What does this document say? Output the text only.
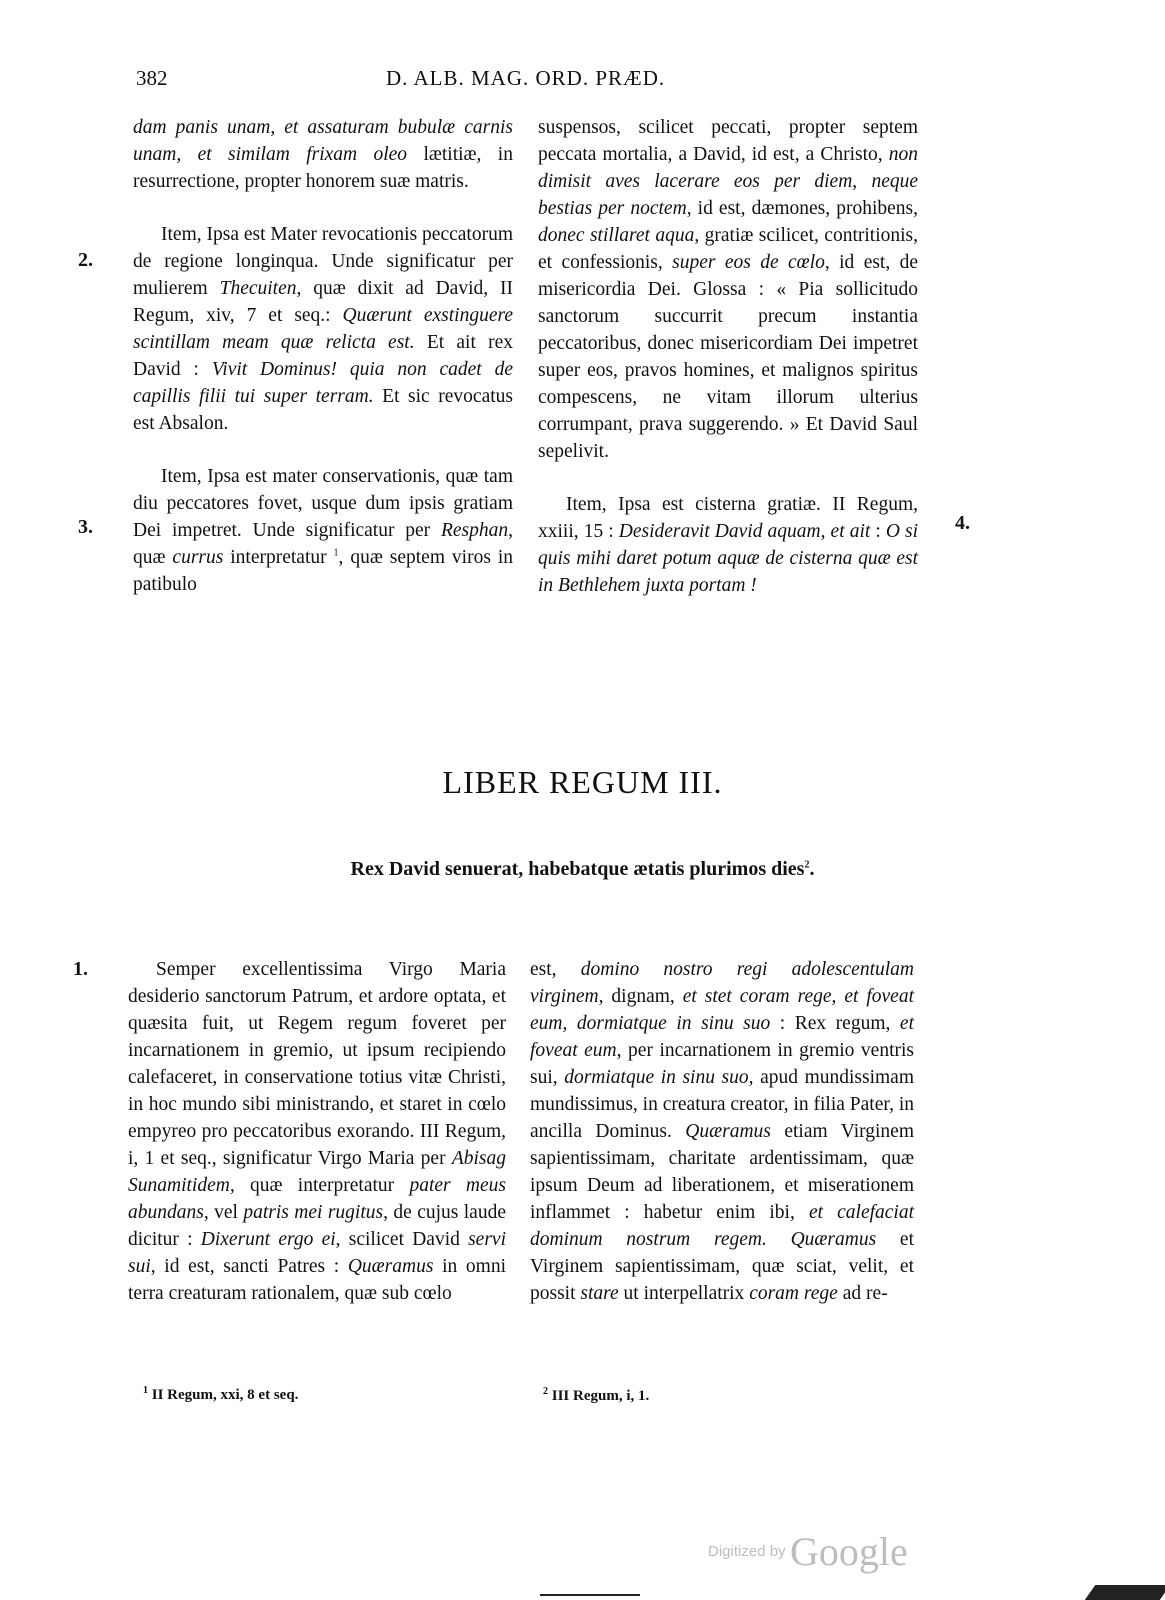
382	D. ALB. MAG. ORD. PRÆD.

dam panis unam, et assaturam bubulæ carnis unam, et similam frixam oleo lætitiæ, in resurrectione, propter honorem suæ matris.

Item, Ipsa est Mater revocationis peccatorum de regione longinqua. Unde significatur per mulierem Thecuiten, quæ dixit ad David, II Regum, xiv, 7 et seq.: Quærunt exstinguere scintillam meam quæ relicta est. Et ait rex David : Vivit Dominus! quia non cadet de capillis filii tui super terram. Et sic revocatus est Absalon.

Item, Ipsa est mater conservationis, quæ tam diu peccatores fovet, usque dum ipsis gratiam Dei impetret. Unde significatur per Resphan, quæ currus interpretatur $^1$, quæ septem viros in patibulo

suspensos, scilicet peccati, propter septem peccata mortalia, a David, id est, a Christo, non dimisit aves lacerare eos per diem, neque bestias per noctem, id est, dæmones, prohibens, donec stillaret aqua, gratiæ scilicet, contritionis, et confessionis, super eos de cœlo, id est, de misericordia Dei. Glossa : « Pia sollicitudo sanctorum succurrit precum instantia peccatoribus, donec misericordiam Dei impetret super eos, pravos homines, et malignos spiritus compescens, ne vitam illorum ulterius corrumpant, prava suggerendo. » Et David Saul sepelivit.

Item, Ipsa est cisterna gratiæ. II Regum, xxiii, 15 : Desideravit David aquam, et ait : O si quis mihi daret potum aquæ de cisterna quæ est in Bethlehem juxta portam !

2.
3.	4.
LIBER REGUM III.
Rex David senuerat, habebatque ætatis plurimos dies$^2$.
1.	Semper excellentissima Virgo Maria desiderio sanctorum Patrum, et ardore optata, et quæsita fuit, ut Regem regum foveret per incarnationem in gremio, ut ipsum recipiendo calefaceret, in conservatione totius vitæ Christi, in hoc mundo sibi ministrando, et staret in cœlo empyreo pro peccatoribus exorando. III Regum, i, 1 et seq., significatur Virgo Maria per Abisag Sunamitidem, quæ interpretatur pater meus abundans, vel patris mei rugitus, de cujus laude dicitur : Dixerunt ergo ei, scilicet David servi sui, id est, sancti Patres : Quæramus in omni terra creaturam rationalem, quæ sub cœlo

est, domino nostro regi adolescentulam virginem, dignam, et stet coram rege, et foveat eum, dormiatque in sinu suo : Rex regum, et foveat eum, per incarnationem in gremio ventris sui, dormiatque in sinu suo, apud mundissimam mundissimus, in creatura creator, in filia Pater, in ancilla Dominus. Quæramus etiam Virginem sapientissimam, charitate ardentissimam, quæ ipsum Deum ad liberationem, et miserationem inflammet : habetur enim ibi, et calefaciat dominum nostrum regem. Quæramus et Virginem sapientissimam, quæ sciat, velit, et possit stare ut interpellatrix coram rege ad re-

$^1$ II Regum, xxi, 8 et seq.	$^2$ III Regum, i, 1.
Digitized by Google
